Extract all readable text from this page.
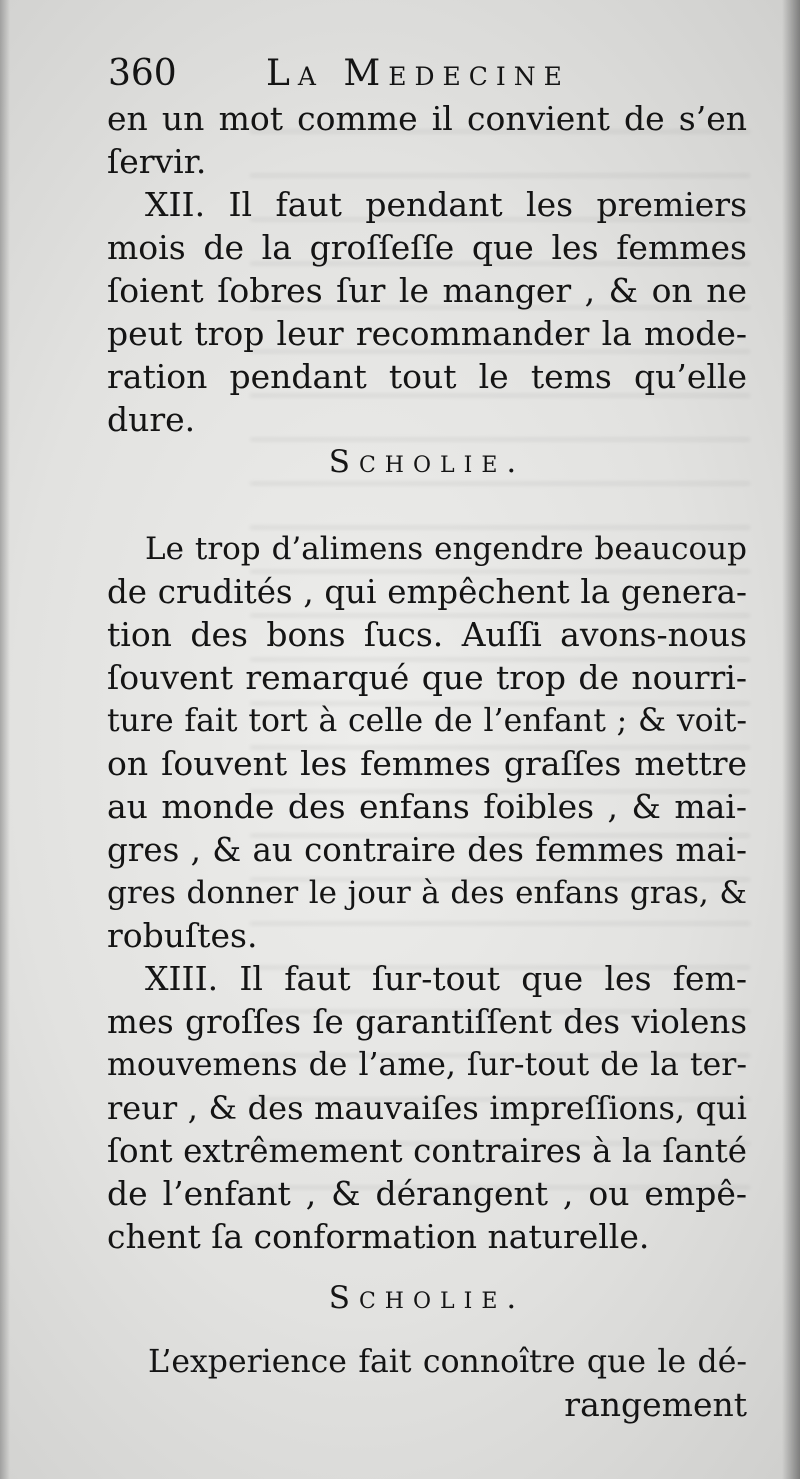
360 La Medecine
en un mot comme il convient de s’en
ſervir.
XII. Il faut pendant les premiers
mois de la groſſeſſe que les femmes
ſoient ſobres ſur le manger , & on ne
peut trop leur recommander la mode-
ration pendant tout le tems qu’elle
dure.
Scholie.
Le trop d’alimens engendre beaucoup
de crudités , qui empêchent la genera-
tion des bons ſucs. Auſſi avons-nous
ſouvent remarqué que trop de nourri-
ture fait tort à celle de l’enfant ; & voit-
on ſouvent les femmes graſſes mettre
au monde des enfans foibles , & mai-
gres , & au contraire des femmes mai-
gres donner le jour à des enfans gras, &
robuſtes.
XIII. Il faut ſur-tout que les fem-
mes groſſes ſe garantiſſent des violens
mouvemens de l’ame, ſur-tout de la ter-
reur , & des mauvaiſes impreſſions, qui
ſont extrêmement contraires à la ſanté
de l’enfant , & dérangent , ou empê-
chent ſa conformation naturelle.
Scholie.
L’experience fait connoître que le dé-
rangement
